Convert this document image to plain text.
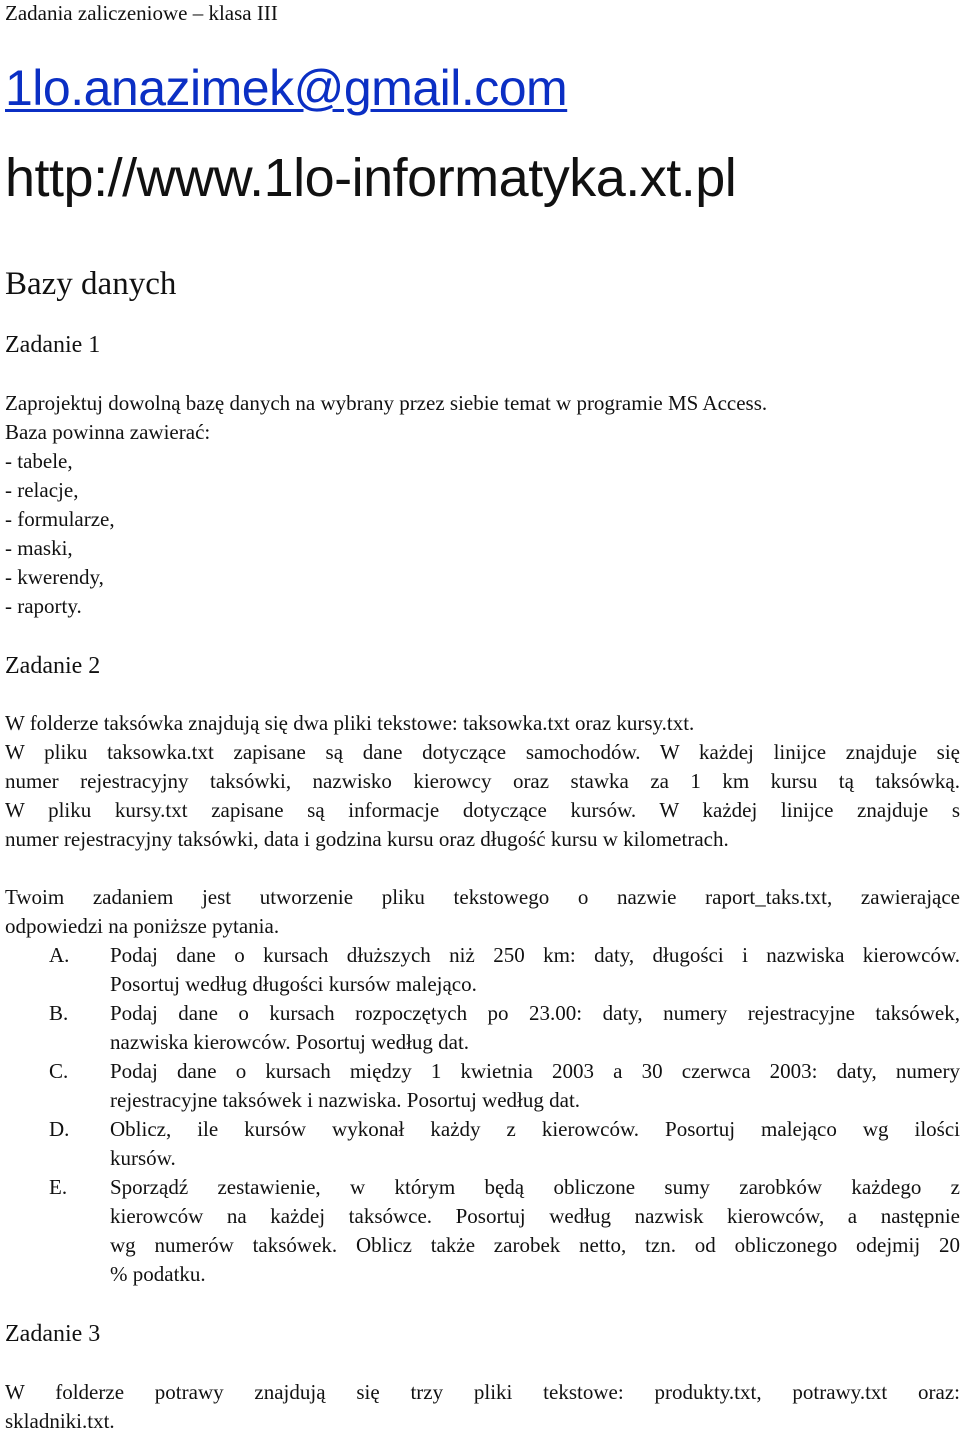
Zadania zaliczeniowe – klasa III
1lo.anazimek@gmail.com
http://www.1lo-informatyka.xt.pl
Bazy danych
Zadanie 1
Zaprojektuj dowolną bazę danych na wybrany przez siebie temat w programie MS Access.
Baza powinna zawierać:
- tabele,
- relacje,
- formularze,
- maski,
- kwerendy,
- raporty.
Zadanie 2
W folderze taksówka znajdują się dwa pliki tekstowe: taksowka.txt oraz kursy.txt.
W pliku taksowka.txt zapisane są dane dotyczące samochodów. W każdej linijce znajduje się
numer rejestracyjny taksówki, nazwisko kierowcy oraz stawka za 1 km kursu tą taksówką.
W pliku kursy.txt zapisane są informacje dotyczące kursów. W każdej linijce znajduje s
numer rejestracyjny taksówki, data i godzina kursu oraz długość kursu w kilometrach.
Twoim zadaniem jest utworzenie pliku tekstowego o nazwie raport_taks.txt, zawierające
odpowiedzi na poniższe pytania.
A. Podaj dane o kursach dłuższych niż 250 km: daty, długości i nazwiska kierowców.
Posortuj według długości kursów malejąco.
B. Podaj dane o kursach rozpoczętych po 23.00: daty, numery rejestracyjne taksówek,
nazwiska kierowców. Posortuj według dat.
C. Podaj dane o kursach między 1 kwietnia 2003 a 30 czerwca 2003: daty, numery
rejestracyjne taksówek i nazwiska. Posortuj według dat.
D. Oblicz, ile kursów wykonał każdy z kierowców. Posortuj malejąco wg ilości
kursów.
E. Sporządź zestawienie, w którym będą obliczone sumy zarobków każdego z
kierowców na każdej taksówce. Posortuj według nazwisk kierowców, a następnie
wg numerów taksówek. Oblicz także zarobek netto, tzn. od obliczonego odejmij 20
% podatku.
Zadanie 3
W folderze potrawy znajdują się trzy pliki tekstowe: produkty.txt, potrawy.txt oraz:
skladniki.txt.
